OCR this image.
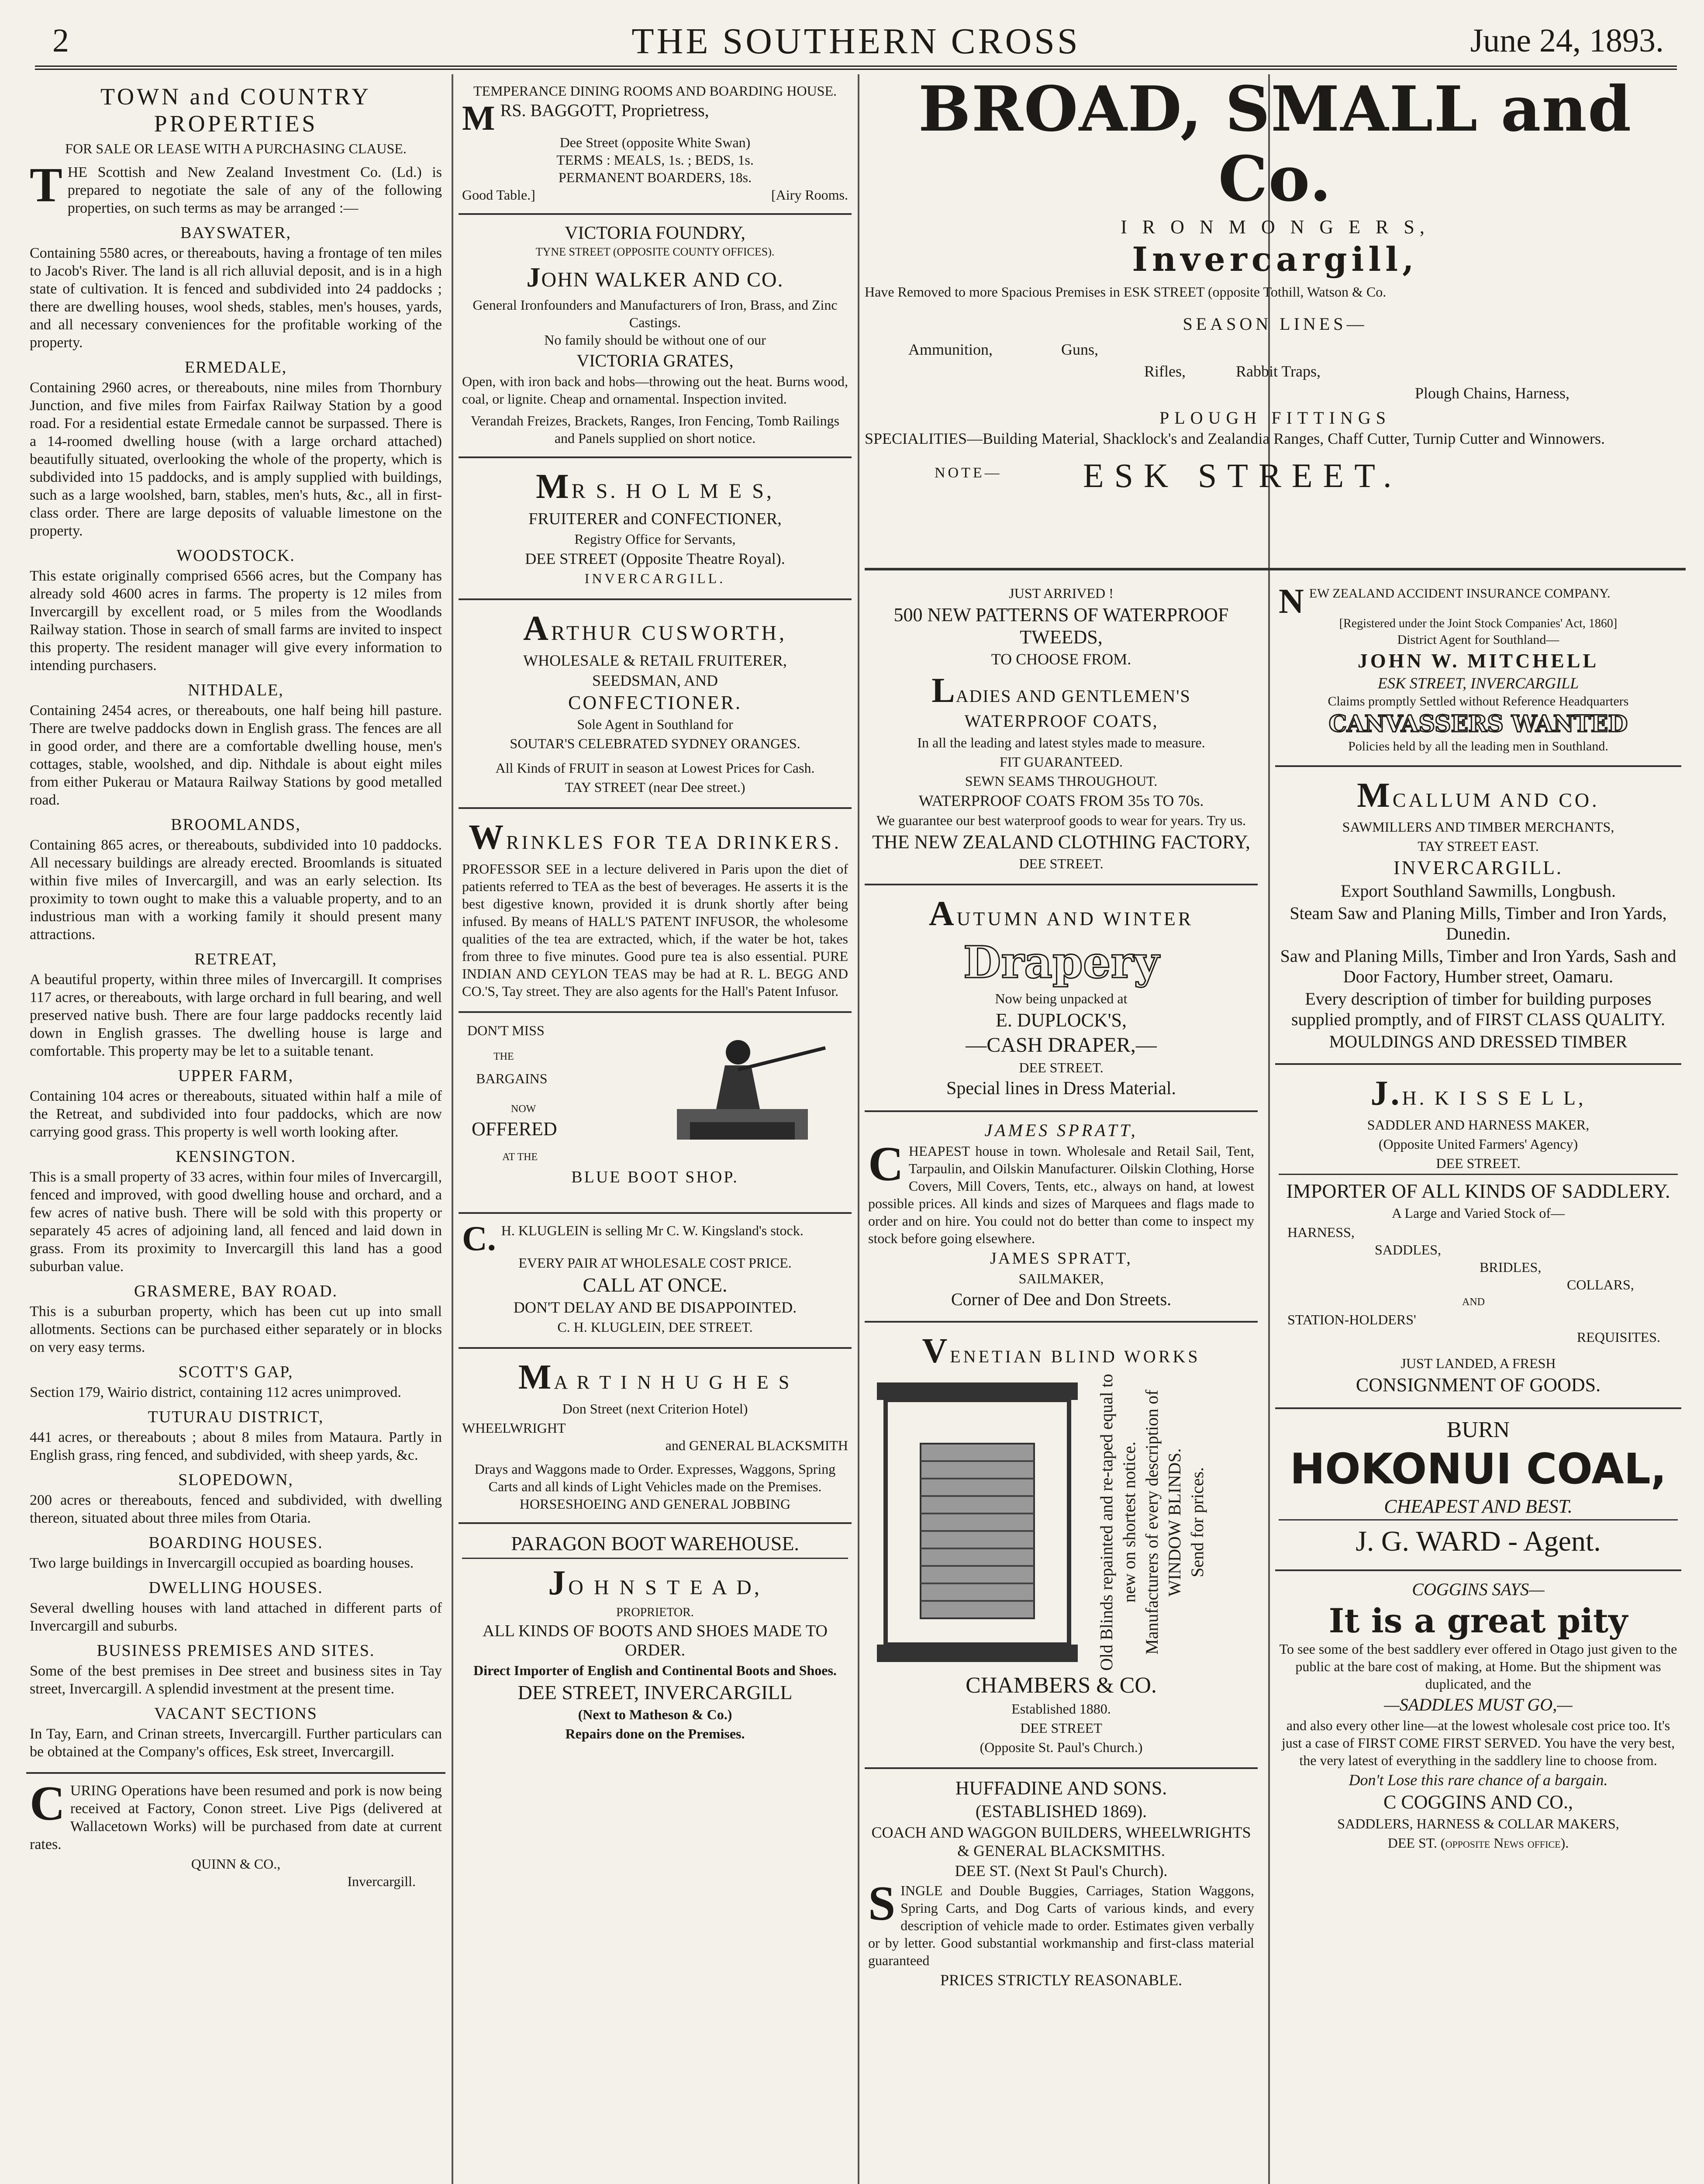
2	THE SOUTHERN CROSS	June 24, 1893.
TOWN and COUNTRY PROPERTIES
FOR SALE OR LEASE WITH A PURCHASING CLAUSE.
THE Scottish and New Zealand Investment Co. (Ld.) is prepared to negotiate the sale of any of the following properties, on such terms as may be arranged :—
BAYSWATER,
Containing 5580 acres, or thereabouts, having a frontage of ten miles to Jacob's River. The land is all rich alluvial deposit, and is in a high state of cultivation. It is fenced and subdivided into 24 paddocks ; there are dwelling houses, wool sheds, stables, men's houses, yards, and all necessary conveniences for the profitable working of the property.
ERMEDALE,
Containing 2960 acres, or thereabouts, nine miles from Thornbury Junction, and five miles from Fairfax Railway Station by a good road. For a residential estate Ermedale cannot be surpassed. There is a 14-roomed dwelling house (with a large orchard attached) beautifully situated, overlooking the whole of the property, which is subdivided into 15 paddocks, and is amply supplied with buildings, such as a large woolshed, barn, stables, men's huts, &c., all in first-class order. There are large deposits of valuable limestone on the property.
WOODSTOCK.
This estate originally comprised 6566 acres, but the Company has already sold 4600 acres in farms. The property is 12 miles from Invercargill by excellent road, or 5 miles from the Woodlands Railway station. Those in search of small farms are invited to inspect this property. The resident manager will give every information to intending purchasers.
NITHDALE,
Containing 2454 acres, or thereabouts, one half being hill pasture. There are twelve paddocks down in English grass. The fences are all in good order, and there are a comfortable dwelling house, men's cottages, stable, woolshed, and dip. Nithdale is about eight miles from either Pukerau or Mataura Railway Stations by good metalled road.
BROOMLANDS,
Containing 865 acres, or thereabouts, subdivided into 10 paddocks. All necessary buildings are already erected. Broomlands is situated within five miles of Invercargill, and was an early selection. Its proximity to town ought to make this a valuable property, and to an industrious man with a working family it should present many attractions.
RETREAT,
A beautiful property, within three miles of Invercargill. It comprises 117 acres, or thereabouts, with large orchard in full bearing, and well preserved native bush. There are four large paddocks recently laid down in English grasses. The dwelling house is large and comfortable. This property may be let to a suitable tenant.
UPPER FARM,
Containing 104 acres or thereabouts, situated within half a mile of the Retreat, and subdivided into four paddocks, which are now carrying good grass. This property is well worth looking after.
KENSINGTON.
This is a small property of 33 acres, within four miles of Invercargill, fenced and improved, with good dwelling house and orchard, and a few acres of native bush. There will be sold with this property or separately 45 acres of adjoining land, all fenced and laid down in grass. From its proximity to Invercargill this land has a good suburban value.
GRASMERE, BAY ROAD.
This is a suburban property, which has been cut up into small allotments. Sections can be purchased either separately or in blocks on very easy terms.
SCOTT'S GAP,
Section 179, Wairio district, containing 112 acres unimproved.
TUTURAU DISTRICT,
441 acres, or thereabouts ; about 8 miles from Mataura. Partly in English grass, ring fenced, and subdivided, with sheep yards, &c.
SLOPEDOWN,
200 acres or thereabouts, fenced and subdivided, with dwelling thereon, situated about three miles from Otaria.
BOARDING HOUSES.
Two large buildings in Invercargill occupied as boarding houses.
DWELLING HOUSES.
Several dwelling houses with land attached in different parts of Invercargill and suburbs.
BUSINESS PREMISES AND SITES.
Some of the best premises in Dee street and business sites in Tay street, Invercargill. A splendid investment at the present time.
VACANT SECTIONS
In Tay, Earn, and Crinan streets, Invercargill. Further particulars can be obtained at the Company's offices, Esk street, Invercargill.
CURING Operations have been resumed and pork is now being received at Factory, Conon street. Live Pigs (delivered at Wallacetown Works) will be purchased from date at current rates.
QUINN & CO.,
Invercargill.
TEMPERANCE DINING ROOMS AND BOARDING HOUSE.
MRS. BAGGOTT, Proprietress,
Dee Street (opposite White Swan)
TERMS : MEALS, 1s. ; BEDS, 1s.
PERMANENT BOARDERS, 18s.
Good Table.]	[Airy Rooms.
VICTORIA FOUNDRY,
TYNE STREET (OPPOSITE COUNTY OFFICES).
JOHN WALKER AND CO.
General Ironfounders and Manufacturers of Iron, Brass, and Zinc Castings.
No family should be without one of our
VICTORIA GRATES,
Open, with iron back and hobs—throwing out the heat. Burns wood, coal, or lignite. Cheap and ornamental. Inspection invited.
Verandah Freizes, Brackets, Ranges, Iron Fencing, Tomb Railings and Panels supplied on short notice.
MR S. H O L M E S,
FRUITERER and CONFECTIONER,
Registry Office for Servants,
DEE STREET (Opposite Theatre Royal).
INVERCARGILL.
ARTHUR CUSWORTH,
WHOLESALE & RETAIL FRUITERER,
SEEDSMAN, AND
CONFECTIONER.
Sole Agent in Southland for
SOUTAR'S CELEBRATED SYDNEY ORANGES.
All Kinds of FRUIT in season at Lowest Prices for Cash.
TAY STREET (near Dee street.)
WRINKLES FOR TEA DRINKERS.
PROFESSOR SEE in a lecture delivered in Paris upon the diet of patients referred to TEA as the best of beverages. He asserts it is the best digestive known, provided it is drunk shortly after being infused. By means of HALL'S PATENT INFUSOR, the wholesome qualities of the tea are extracted, which, if the water be hot, takes from three to five minutes. Good pure tea is also essential. PURE INDIAN AND CEYLON TEAS may be had at R. L. BEGG AND CO.'S, Tay street. They are also agents for the Hall's Patent Infusor.
DON'T MISS
THE
BARGAINS
NOW
OFFERED
AT THE
BLUE BOOT SHOP.
C. H. KLUGLEIN is selling Mr C. W. Kingsland's stock.
EVERY PAIR AT WHOLESALE COST PRICE.
CALL AT ONCE.
DON'T DELAY AND BE DISAPPOINTED.
C. H. KLUGLEIN, DEE STREET.
MA R T I N H U G H E S
Don Street (next Criterion Hotel)
WHEELWRIGHT
and GENERAL BLACKSMITH
Drays and Waggons made to Order. Expresses, Waggons, Spring Carts and all kinds of Light Vehicles made on the Premises.
HORSESHOEING AND GENERAL JOBBING
PARAGON BOOT WAREHOUSE.
JO H N S T E A D,
PROPRIETOR.
ALL KINDS OF BOOTS AND SHOES MADE TO ORDER.
Direct Importer of English and Continental Boots and Shoes.
DEE STREET, INVERCARGILL
(Next to Matheson & Co.)
Repairs done on the Premises.
BROAD, SMALL and Co.
I R O N M O N G E R S,
Invercargill,
Have Removed to more Spacious Premises in ESK STREET (opposite Tothill, Watson & Co.
SEASON LINES—
Ammunition,	Guns,
Rifles,	Rabbit Traps,
Plough Chains, Harness,
PLOUGH FITTINGS
SPECIALITIES—Building Material, Shacklock's and Zealandia Ranges, Chaff Cutter, Turnip Cutter and Winnowers.
NOTE— ESK STREET.
JUST ARRIVED !
500 NEW PATTERNS OF WATERPROOF TWEEDS,
TO CHOOSE FROM.
LADIES AND GENTLEMEN'S WATERPROOF COATS,
In all the leading and latest styles made to measure.
FIT GUARANTEED.
SEWN SEAMS THROUGHOUT.
WATERPROOF COATS FROM 35s TO 70s.
We guarantee our best waterproof goods to wear for years. Try us.
THE NEW ZEALAND CLOTHING FACTORY,
DEE STREET.
AUTUMN AND WINTER
Drapery
Now being unpacked at
E. DUPLOCK'S,
—CASH DRAPER,—
DEE STREET.
Special lines in Dress Material.
JAMES SPRATT,
CHEAPEST house in town. Wholesale and Retail Sail, Tent, Tarpaulin, and Oilskin Manufacturer. Oilskin Clothing, Horse Covers, Mill Covers, Tents, etc., always on hand, at lowest possible prices. All kinds and sizes of Marquees and flags made to order and on hire. You could not do better than come to inspect my stock before going elsewhere.
JAMES SPRATT,
SAILMAKER,
Corner of Dee and Don Streets.
VENETIAN BLIND WORKS
Old Blinds repainted and re-taped equal to new on shortest notice. Manufacturers of every description of WINDOW BLINDS. Send for prices.
CHAMBERS & CO.
Established 1880.
DEE STREET
(Opposite St. Paul's Church.)
HUFFADINE AND SONS.
(ESTABLISHED 1869).
COACH AND WAGGON BUILDERS, WHEELWRIGHTS & GENERAL BLACKSMITHS.
DEE ST. (Next St Paul's Church).
SINGLE and Double Buggies, Carriages, Station Waggons, Spring Carts, and Dog Carts of various kinds, and every description of vehicle made to order. Estimates given verbally or by letter. Good substantial workmanship and first-class material guaranteed
PRICES STRICTLY REASONABLE.
NEW ZEALAND ACCIDENT INSURANCE COMPANY.
[Registered under the Joint Stock Companies' Act, 1860]
District Agent for Southland—
JOHN W. MITCHELL
ESK STREET, INVERCARGILL
Claims promptly Settled without Reference Headquarters
CANVASSERS WANTED
Policies held by all the leading men in Southland.
MCALLUM AND CO.
SAWMILLERS AND TIMBER MERCHANTS,
TAY STREET EAST.
INVERCARGILL.
Export Southland Sawmills, Longbush.
Steam Saw and Planing Mills, Timber and Iron Yards, Dunedin.
Saw and Planing Mills, Timber and Iron Yards, Sash and Door Factory, Humber street, Oamaru.
Every description of timber for building purposes supplied promptly, and of FIRST CLASS QUALITY.
MOULDINGS AND DRESSED TIMBER
J.H. K I S S E L L,
SADDLER AND HARNESS MAKER,
(Opposite United Farmers' Agency)
DEE STREET.
IMPORTER OF ALL KINDS OF SADDLERY.
A Large and Varied Stock of—
HARNESS,
SADDLES,
BRIDLES,
COLLARS,
AND
STATION-HOLDERS'
REQUISITES.
JUST LANDED, A FRESH
CONSIGNMENT OF GOODS.
BURN
HOKONUI COAL,
CHEAPEST AND BEST.
J. G. WARD - Agent.
COGGINS SAYS—
It is a great pity
To see some of the best saddlery ever offered in Otago just given to the public at the bare cost of making, at Home. But the shipment was duplicated, and the
—SADDLES MUST GO,—
and also every other line—at the lowest wholesale cost price too. It's just a case of FIRST COME FIRST SERVED. You have the very best, the very latest of everything in the saddlery line to choose from.
Don't Lose this rare chance of a bargain.
C COGGINS AND CO.,
SADDLERS, HARNESS & COLLAR MAKERS,
DEE ST. (opposite News office).
